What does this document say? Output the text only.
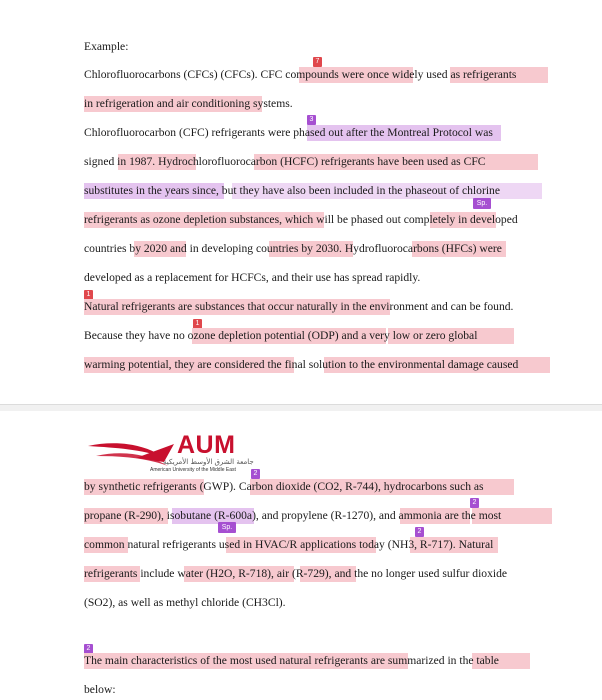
Example:
7
Chlorofluorocarbons (CFCs) (CFCs). CFC compounds were once widely used as refrigerants
in refrigeration and air conditioning systems.
3
Chlorofluorocarbon (CFC) refrigerants were phased out after the Montreal Protocol was
signed in 1987. Hydrochlorofluorocarbon (HCFC) refrigerants have been used as CFC
substitutes in the years since, but they have also been included in the phaseout of chlorine
Sp.
refrigerants as ozone depletion substances, which will be phased out completely in developed
countries by 2020 and in developing countries by 2030. Hydrofluorocarbons (HFCs) were
developed as a replacement for HCFCs, and their use has spread rapidly.
1
Natural refrigerants are substances that occur naturally in the environment and can be found.
1
Because they have no ozone depletion potential (ODP) and a very low or zero global
warming potential, they are considered the final solution to the environmental damage caused
AUM
جامعة الشرق الأوسط الأمريكية
American University of the Middle East	2
by synthetic refrigerants (GWP). Carbon dioxide (CO2, R-744), hydrocarbons such as
2
propane (R-290), isobutane (R-600a), and propylene (R-1270), and ammonia are the most
Sp.
2
common natural refrigerants used in HVAC/R applications today (NH3, R-717). Natural
refrigerants include water (H2O, R-718), air (R-729), and the no longer used sulfur dioxide
(SO2), as well as methyl chloride (CH3Cl).
2
The main characteristics of the most used natural refrigerants are summarized in the table
below:
